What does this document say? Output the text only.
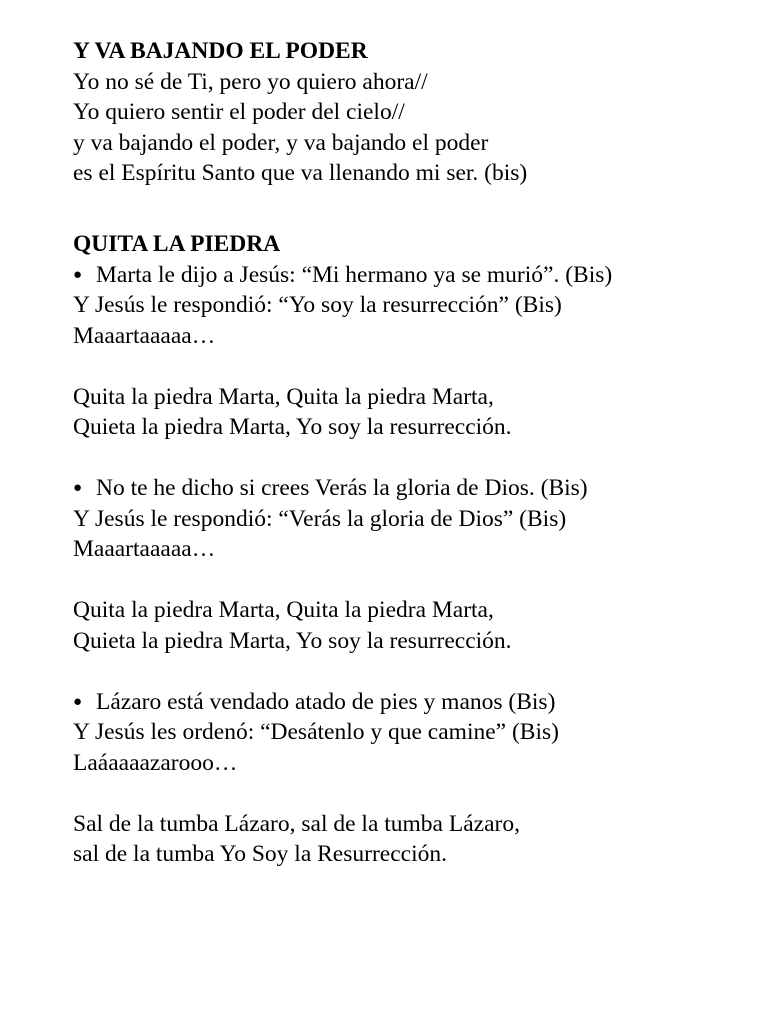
Y VA BAJANDO EL PODER
Yo no sé de Ti, pero yo quiero ahora//
Yo quiero sentir el poder del cielo//
y va bajando el poder, y va bajando el poder
es el Espíritu Santo que va llenando mi ser. (bis)
QUITA LA PIEDRA
● Marta le dijo a Jesús: “Mi hermano ya se murió”. (Bis)
Y Jesús le respondió: “Yo soy la resurrección” (Bis)
Maaartaaaaa…
Quita la piedra Marta, Quita la piedra Marta,
Quieta la piedra Marta, Yo soy la resurrección.
● No te he dicho si crees Verás la gloria de Dios. (Bis)
Y Jesús le respondió: “Verás la gloria de Dios” (Bis)
Maaartaaaaa…
Quita la piedra Marta, Quita la piedra Marta,
Quieta la piedra Marta, Yo soy la resurrección.
● Lázaro está vendado atado de pies y manos (Bis)
Y Jesús les ordenó: “Desátenlo y que camine” (Bis)
Laáaaaazarooo…
Sal de la tumba Lázaro, sal de la tumba Lázaro,
sal de la tumba Yo Soy la Resurrección.
